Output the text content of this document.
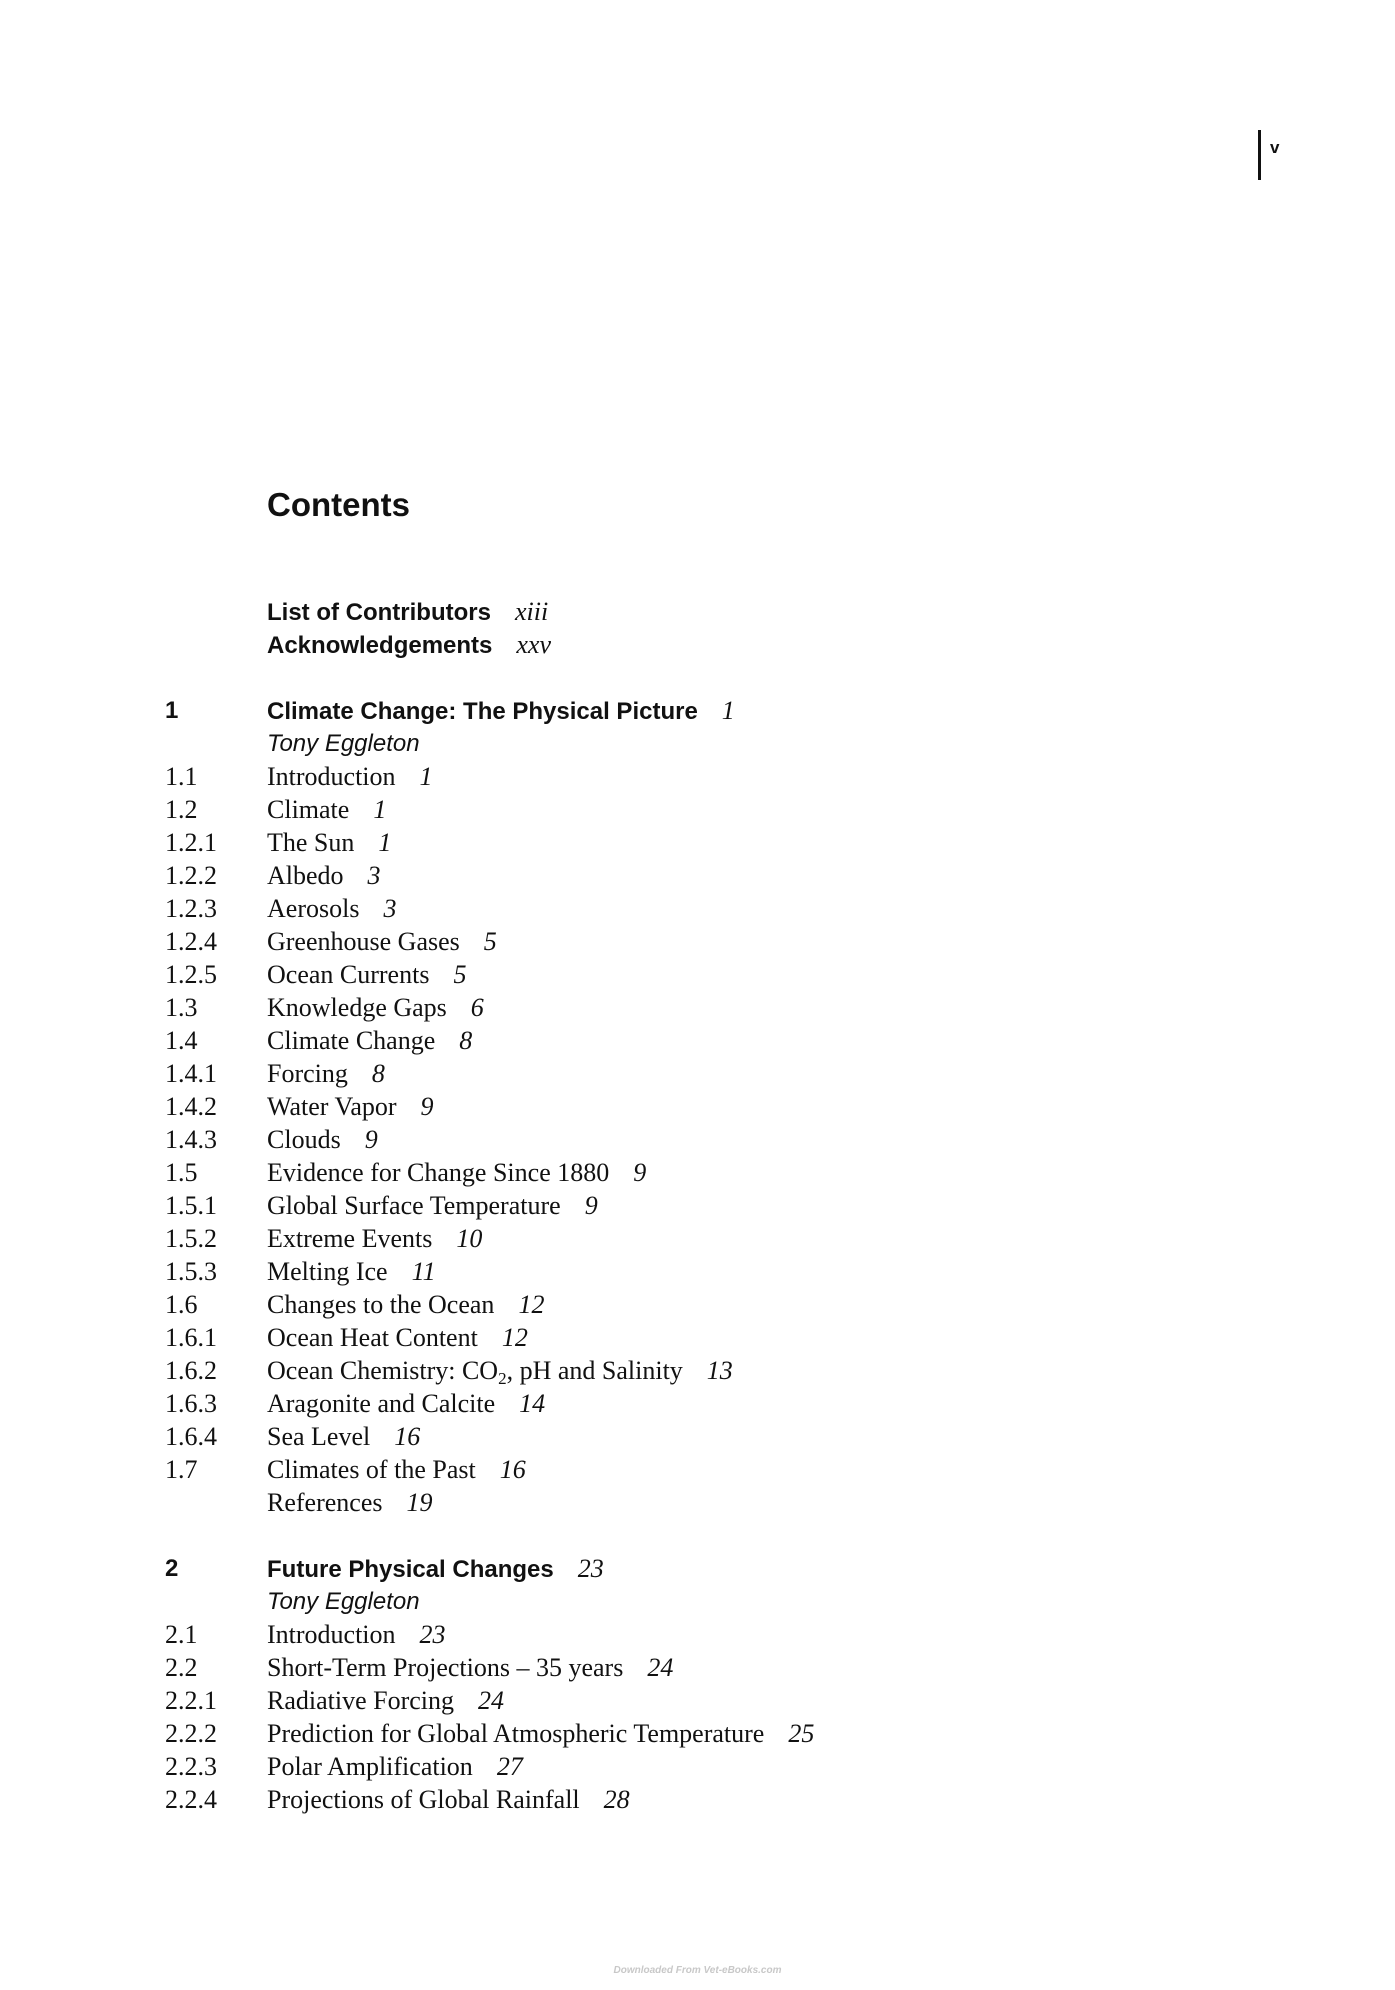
v
Contents
List of Contributors xiii
Acknowledgements xxv
1	Climate Change: The Physical Picture 1
Tony Eggleton
1.1	Introduction 1
1.2	Climate 1
1.2.1 The Sun 1
1.2.2 Albedo 3
1.2.3 Aerosols 3
1.2.4 Greenhouse Gases 5
1.2.5 Ocean Currents 5
1.3	Knowledge Gaps 6
1.4	Climate Change 8
1.4.1 Forcing 8
1.4.2 Water Vapor 9
1.4.3 Clouds 9
1.5	Evidence for Change Since 1880 9
1.5.1 Global Surface Temperature 9
1.5.2 Extreme Events 10
1.5.3 Melting Ice 11
1.6	Changes to the Ocean 12
1.6.1 Ocean Heat Content 12
1.6.2 Ocean Chemistry: $CO_2$, pH and Salinity 13
1.6.3 Aragonite and Calcite 14
1.6.4 Sea Level 16
1.7	Climates of the Past 16
References 19
2	Future Physical Changes 23
Tony Eggleton
2.1	Introduction 23
2.2	Short-Term Projections – 35 years 24
2.2.1 Radiative Forcing 24
2.2.2 Prediction for Global Atmospheric Temperature 25
2.2.3 Polar Amplification 27
2.2.4 Projections of Global Rainfall 28
Downloaded From Vet-eBooks.com
